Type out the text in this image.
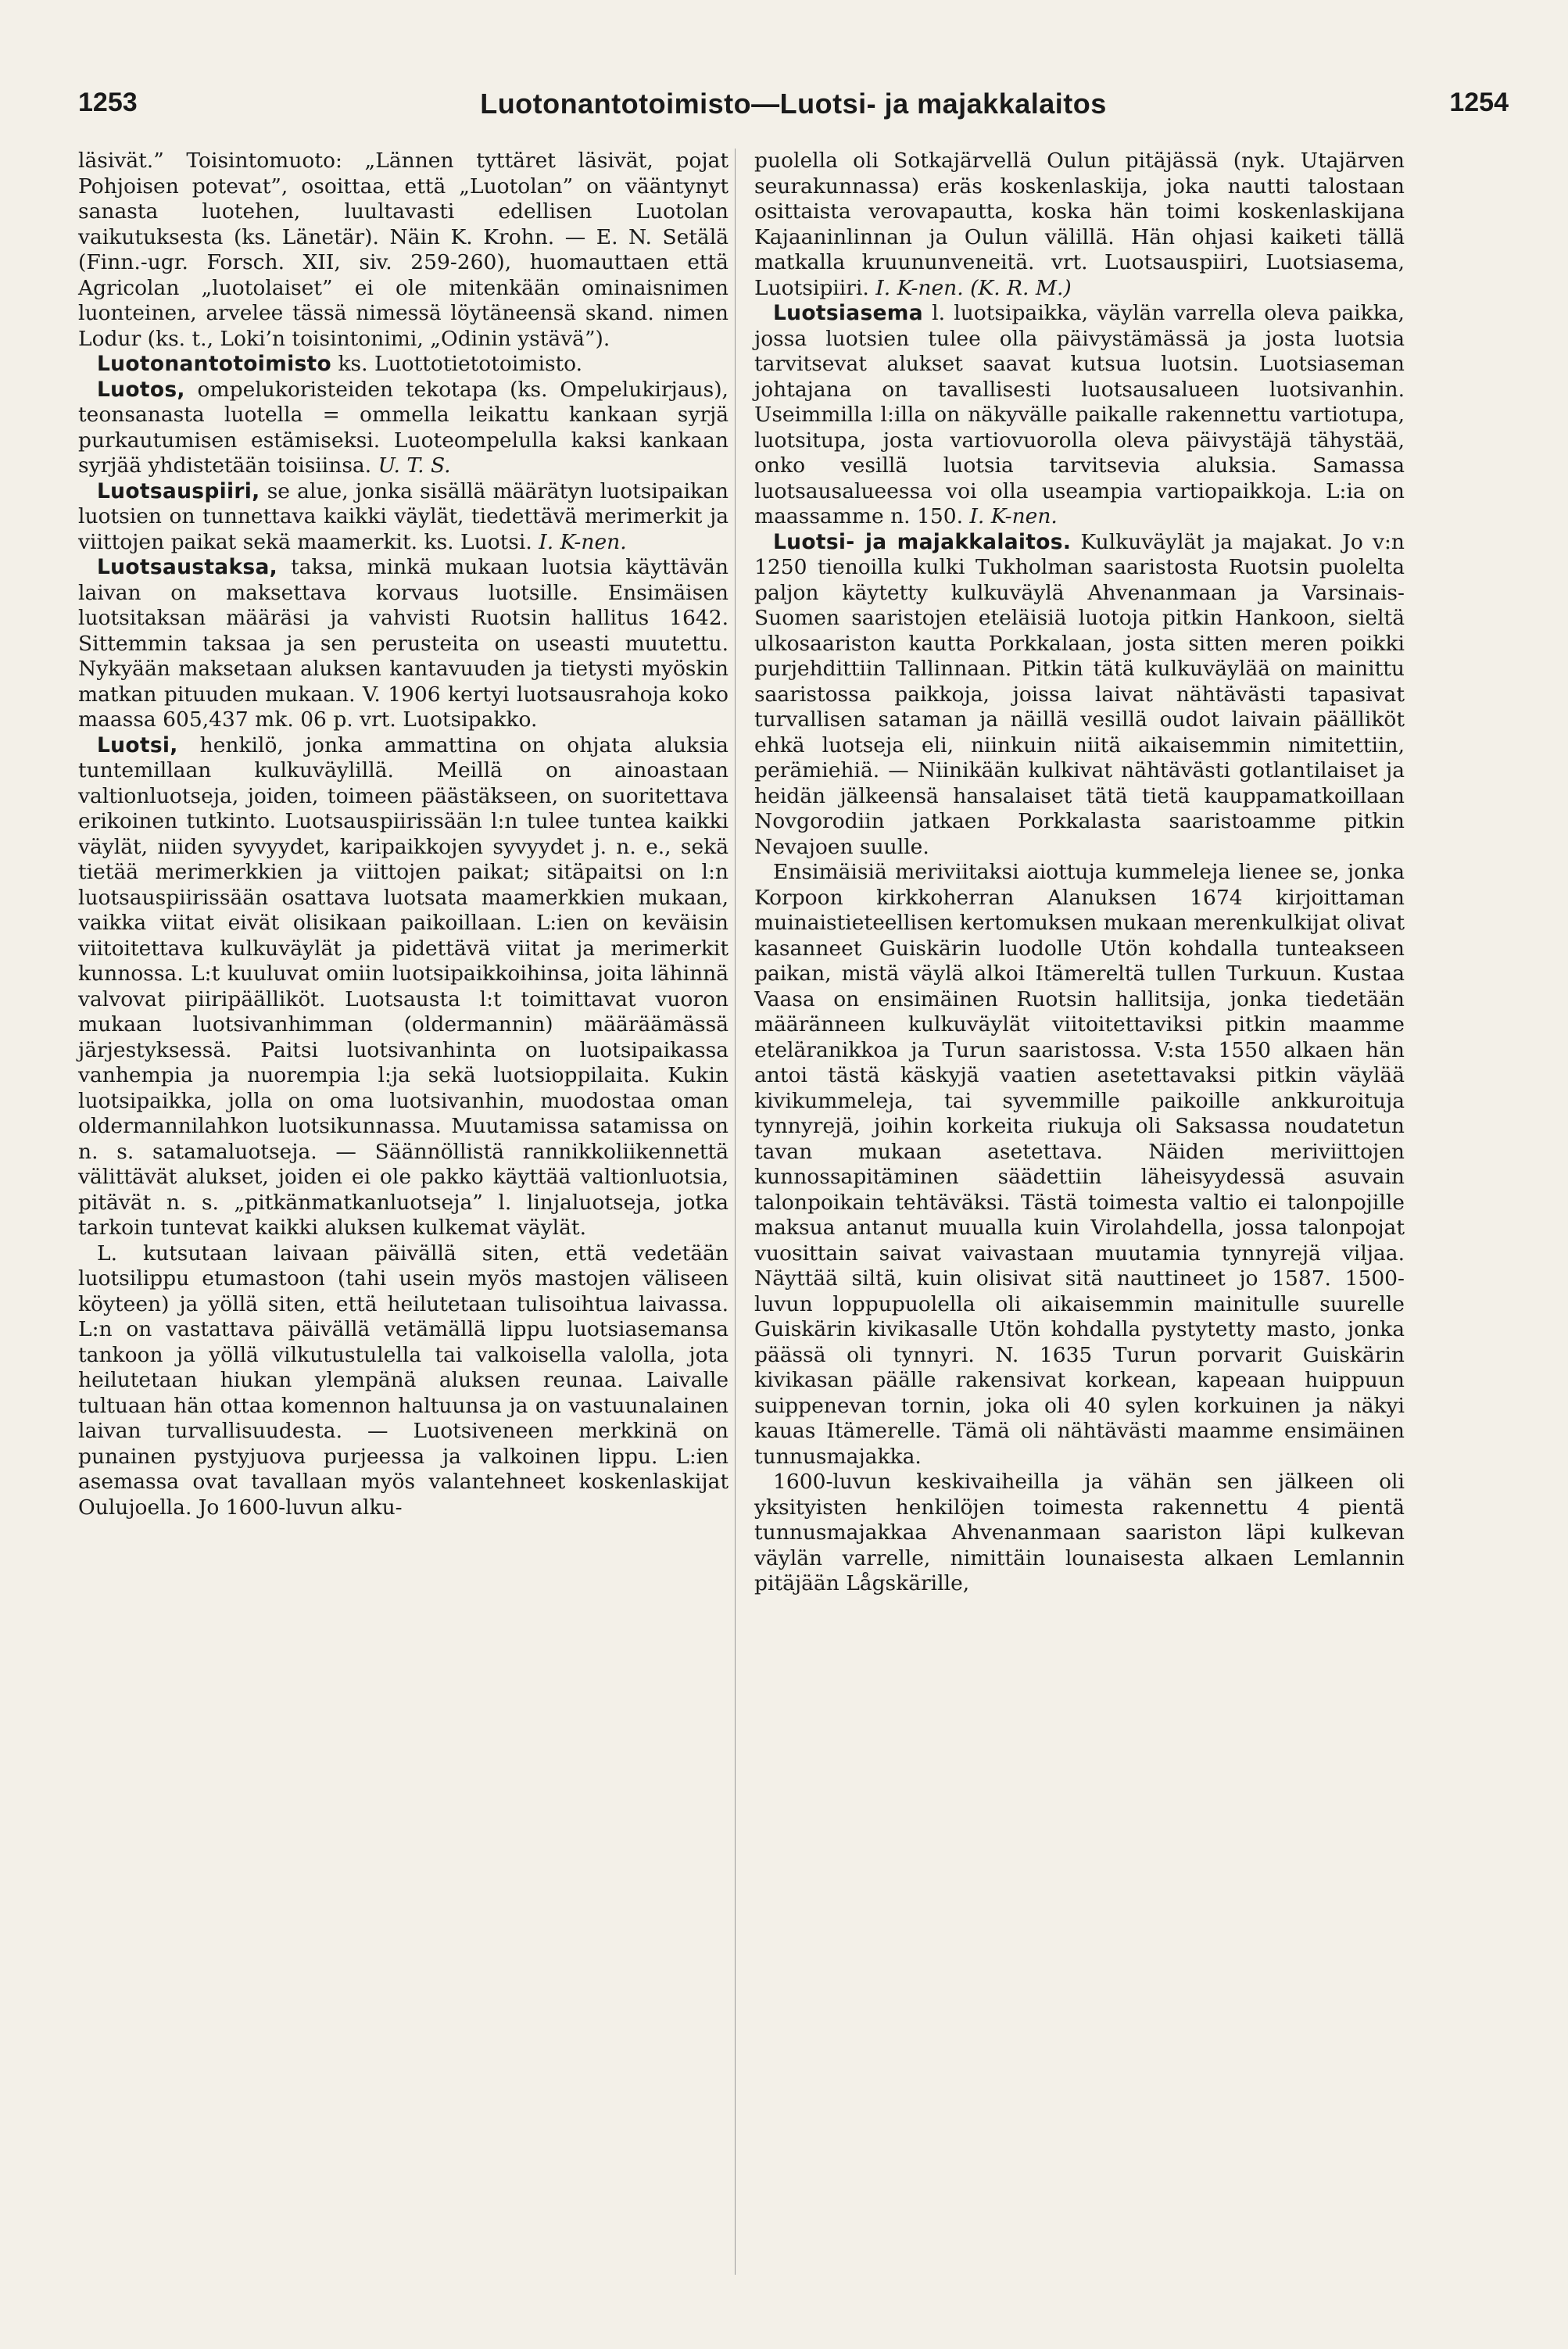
1253	Luotonantotoimisto—Luotsi- ja majakkalaitos	1254

läsivät.” Toisintomuoto: „Lännen tyttäret läsivät, pojat Pohjoisen potevat”, osoittaa, että „Luotolan” on vääntynyt sanasta luotehen, luultavasti edellisen Luotolan vaikutuksesta (ks. Länetär). Näin K. Krohn. — E. N. Setälä (Finn.-ugr. Forsch. XII, siv. 259-260), huomauttaen että Agricolan „luotolaiset” ei ole mitenkään ominaisnimen luonteinen, arvelee tässä nimessä löytäneensä skand. nimen Lodur (ks. t., Loki’n toisintonimi, „Odinin ystävä”).

Luotonantotoimisto ks. Luottotietotoimisto.

Luotos, ompelukoristeiden tekotapa (ks. Ompelukirjaus), teonsanasta luotella = ommella leikattu kankaan syrjä purkautumisen estämiseksi. Luoteompelulla kaksi kankaan syrjää yhdistetään toisiinsa. U. T. S.

Luotsauspiiri, se alue, jonka sisällä määrätyn luotsipaikan luotsien on tunnettava kaikki väylät, tiedettävä merimerkit ja viittojen paikat sekä maamerkit. ks. Luotsi. I. K-nen.

Luotsaustaksa, taksa, minkä mukaan luotsia käyttävän laivan on maksettava korvaus luotsille. Ensimäisen luotsitaksan määräsi ja vahvisti Ruotsin hallitus 1642. Sittemmin taksaa ja sen perusteita on useasti muutettu. Nykyään maksetaan aluksen kantavuuden ja tietysti myöskin matkan pituuden mukaan. V. 1906 kertyi luotsausrahoja koko maassa 605,437 mk. 06 p. vrt. Luotsipakko.

Luotsi, henkilö, jonka ammattina on ohjata aluksia tuntemillaan kulkuväylillä. Meillä on ainoastaan valtionluotseja, joiden, toimeen päästäkseen, on suoritettava erikoinen tutkinto. Luotsauspiirissään l:n tulee tuntea kaikki väylät, niiden syvyydet, karipaikkojen syvyydet j. n. e., sekä tietää merimerkkien ja viittojen paikat; sitäpaitsi on l:n luotsauspiirissään osattava luotsata maamerkkien mukaan, vaikka viitat eivät olisikaan paikoillaan. L:ien on keväisin viitoitettava kulkuväylät ja pidettävä viitat ja merimerkit kunnossa. L:t kuuluvat omiin luotsipaikkoihinsa, joita lähinnä valvovat piiripäälliköt. Luotsausta l:t toimittavat vuoron mukaan luotsivanhimman (oldermannin) määräämässä järjestyksessä. Paitsi luotsivanhinta on luotsipaikassa vanhempia ja nuorempia l:ja sekä luotsioppilaita. Kukin luotsipaikka, jolla on oma luotsivanhin, muodostaa oman oldermannilahkon luotsikunnassa. Muutamissa satamissa on n. s. satamaluotseja. — Säännöllistä rannikkoliikennettä välittävät alukset, joiden ei ole pakko käyttää valtionluotsia, pitävät n. s. „pitkänmatkanluotseja” l. linjaluotseja, jotka tarkoin tuntevat kaikki aluksen kulkemat väylät.

L. kutsutaan laivaan päivällä siten, että vedetään luotsilippu etumastoon (tahi usein myös mastojen väliseen köyteen) ja yöllä siten, että heilutetaan tulisoihtua laivassa. L:n on vastattava päivällä vetämällä lippu luotsiasemansa tankoon ja yöllä vilkutustulella tai valkoisella valolla, jota heilutetaan hiukan ylempänä aluksen reunaa. Laivalle tultuaan hän ottaa komennon haltuunsa ja on vastuunalainen laivan turvallisuudesta. — Luotsiveneen merkkinä on punainen pystyjuova purjeessa ja valkoinen lippu. L:ien asemassa ovat tavallaan myös valantehneet koskenlaskijat Oulujoella. Jo 1600-luvun alku-

puolella oli Sotkajärvellä Oulun pitäjässä (nyk. Utajärven seurakunnassa) eräs koskenlaskija, joka nautti talostaan osittaista verovapautta, koska hän toimi koskenlaskijana Kajaaninlinnan ja Oulun välillä. Hän ohjasi kaiketi tällä matkalla kruununveneitä. vrt. Luotsauspiiri, Luotsiasema, Luotsipiiri. I. K-nen. (K. R. M.)

Luotsiasema l. luotsipaikka, väylän varrella oleva paikka, jossa luotsien tulee olla päivystämässä ja josta luotsia tarvitsevat alukset saavat kutsua luotsin. Luotsiaseman johtajana on tavallisesti luotsausalueen luotsivanhin. Useimmilla l:illa on näkyvälle paikalle rakennettu vartiotupa, luotsitupa, josta vartiovuorolla oleva päivystäjä tähystää, onko vesillä luotsia tarvitsevia aluksia. Samassa luotsausalueessa voi olla useampia vartiopaikkoja. L:ia on maassamme n. 150. I. K-nen.

Luotsi- ja majakkalaitos. Kulkuväylät ja majakat. Jo v:n 1250 tienoilla kulki Tukholman saaristosta Ruotsin puolelta paljon käytetty kulkuväylä Ahvenanmaan ja Varsinais-Suomen saaristojen eteläisiä luotoja pitkin Hankoon, sieltä ulkosaariston kautta Porkkalaan, josta sitten meren poikki purjehdittiin Tallinnaan. Pitkin tätä kulkuväylää on mainittu saaristossa paikkoja, joissa laivat nähtävästi tapasivat turvallisen sataman ja näillä vesillä oudot laivain päälliköt ehkä luotseja eli, niinkuin niitä aikaisemmin nimitettiin, perämiehiä. — Niinikään kulkivat nähtävästi gotlantilaiset ja heidän jälkeensä hansalaiset tätä tietä kauppamatkoillaan Novgorodiin jatkaen Porkkalasta saaristoamme pitkin Nevajoen suulle.

Ensimäisiä meriviitaksi aiottuja kummeleja lienee se, jonka Korpoon kirkkoherran Alanuksen 1674 kirjoittaman muinaistieteellisen kertomuksen mukaan merenkulkijat olivat kasanneet Guiskärin luodolle Utön kohdalla tunteakseen paikan, mistä väylä alkoi Itämereltä tullen Turkuun. Kustaa Vaasa on ensimäinen Ruotsin hallitsija, jonka tiedetään määränneen kulkuväylät viitoitettaviksi pitkin maamme eteläranikkoa ja Turun saaristossa. V:sta 1550 alkaen hän antoi tästä käskyjä vaatien asetettavaksi pitkin väylää kivikummeleja, tai syvemmille paikoille ankkuroituja tynnyrejä, joihin korkeita riukuja oli Saksassa noudatetun tavan mukaan asetettava. Näiden meriviittojen kunnossapitäminen säädettiin läheisyydessä asuvain talonpoikain tehtäväksi. Tästä toimesta valtio ei talonpojille maksua antanut muualla kuin Virolahdella, jossa talonpojat vuosittain saivat vaivastaan muutamia tynnyrejä viljaa. Näyttää siltä, kuin olisivat sitä nauttineet jo 1587. 1500-luvun loppupuolella oli aikaisemmin mainitulle suurelle Guiskärin kivikasalle Utön kohdalla pystytetty masto, jonka päässä oli tynnyri. N. 1635 Turun porvarit Guiskärin kivikasan päälle rakensivat korkean, kapeaan huippuun suippenevan tornin, joka oli 40 sylen korkuinen ja näkyi kauas Itämerelle. Tämä oli nähtävästi maamme ensimäinen tunnusmajakka.

1600-luvun keskivaiheilla ja vähän sen jälkeen oli yksityisten henkilöjen toimesta rakennettu 4 pientä tunnusmajakkaa Ahvenanmaan saariston läpi kulkevan väylän varrelle, nimittäin lounaisesta alkaen Lemlannin pitäjään Lågskärille,
